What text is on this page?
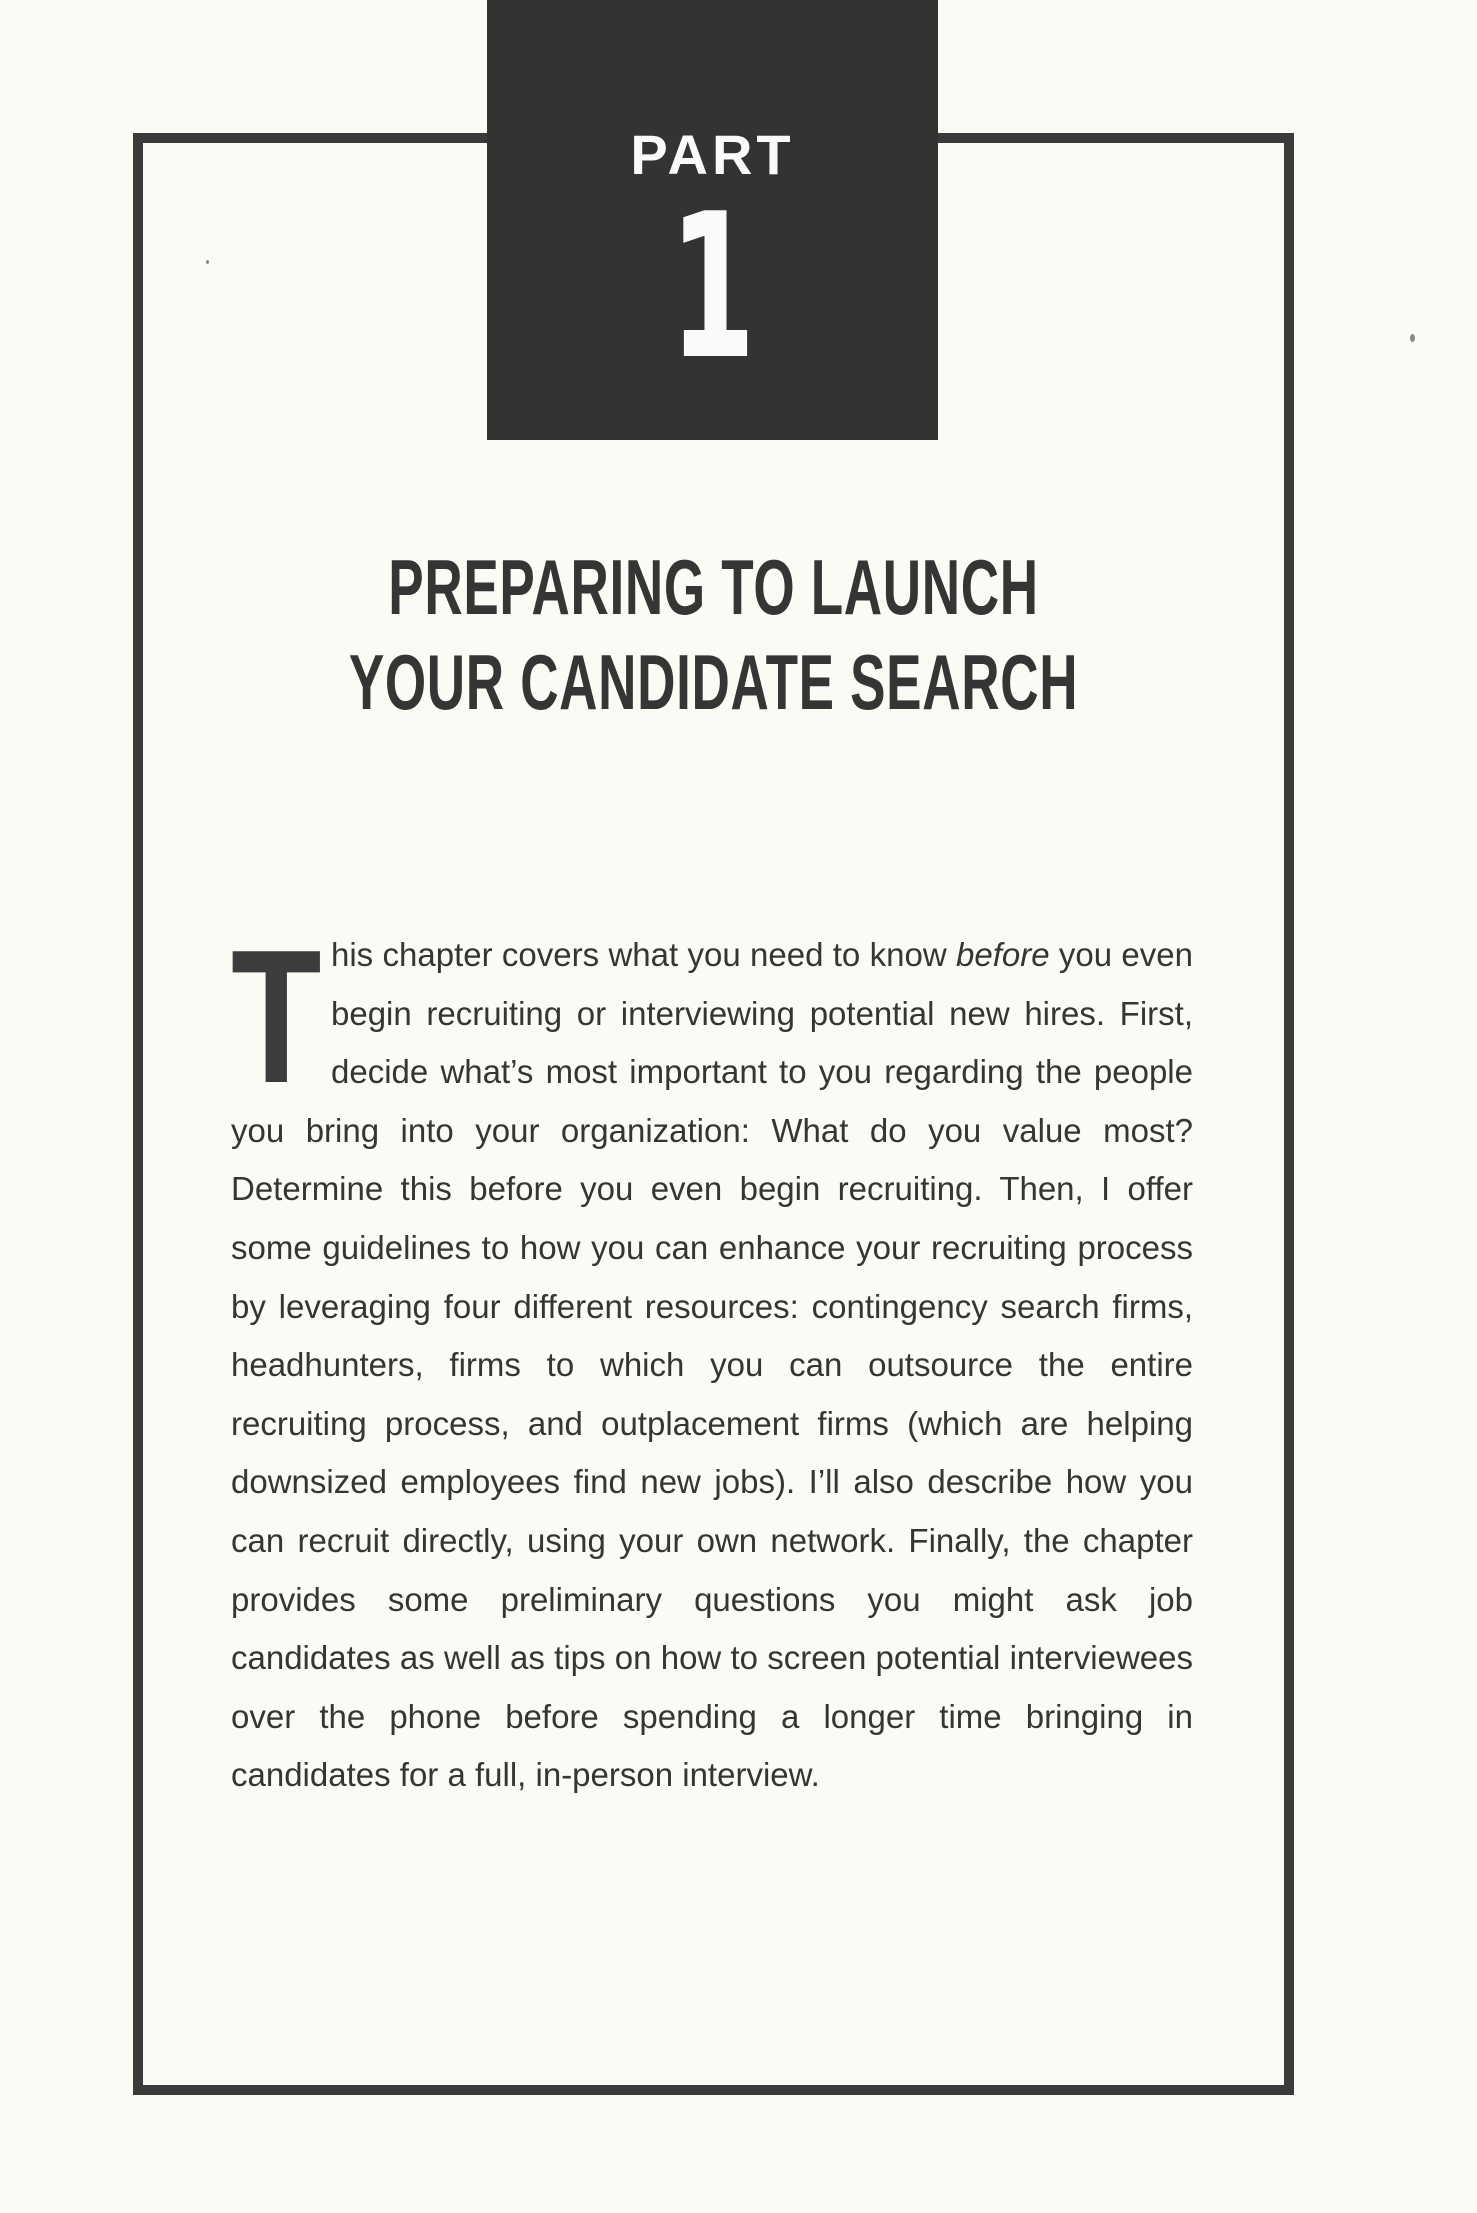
PART
1
PREPARING TO LAUNCH
YOUR CANDIDATE SEARCH
This chapter covers what you need to know before you even begin recruiting or interviewing potential new hires. First, decide what’s most important to you regarding the people you bring into your organization: What do you value most? Determine this before you even begin recruiting. Then, I offer some guidelines to how you can enhance your recruiting process by leveraging four different resources: contingency search firms, headhunters, firms to which you can outsource the entire recruiting process, and outplacement firms (which are helping downsized employees find new jobs). I’ll also describe how you can recruit directly, using your own network. Finally, the chapter provides some preliminary questions you might ask job candidates as well as tips on how to screen potential interviewees over the phone before spending a longer time bringing in candidates for a full, in-person interview.
